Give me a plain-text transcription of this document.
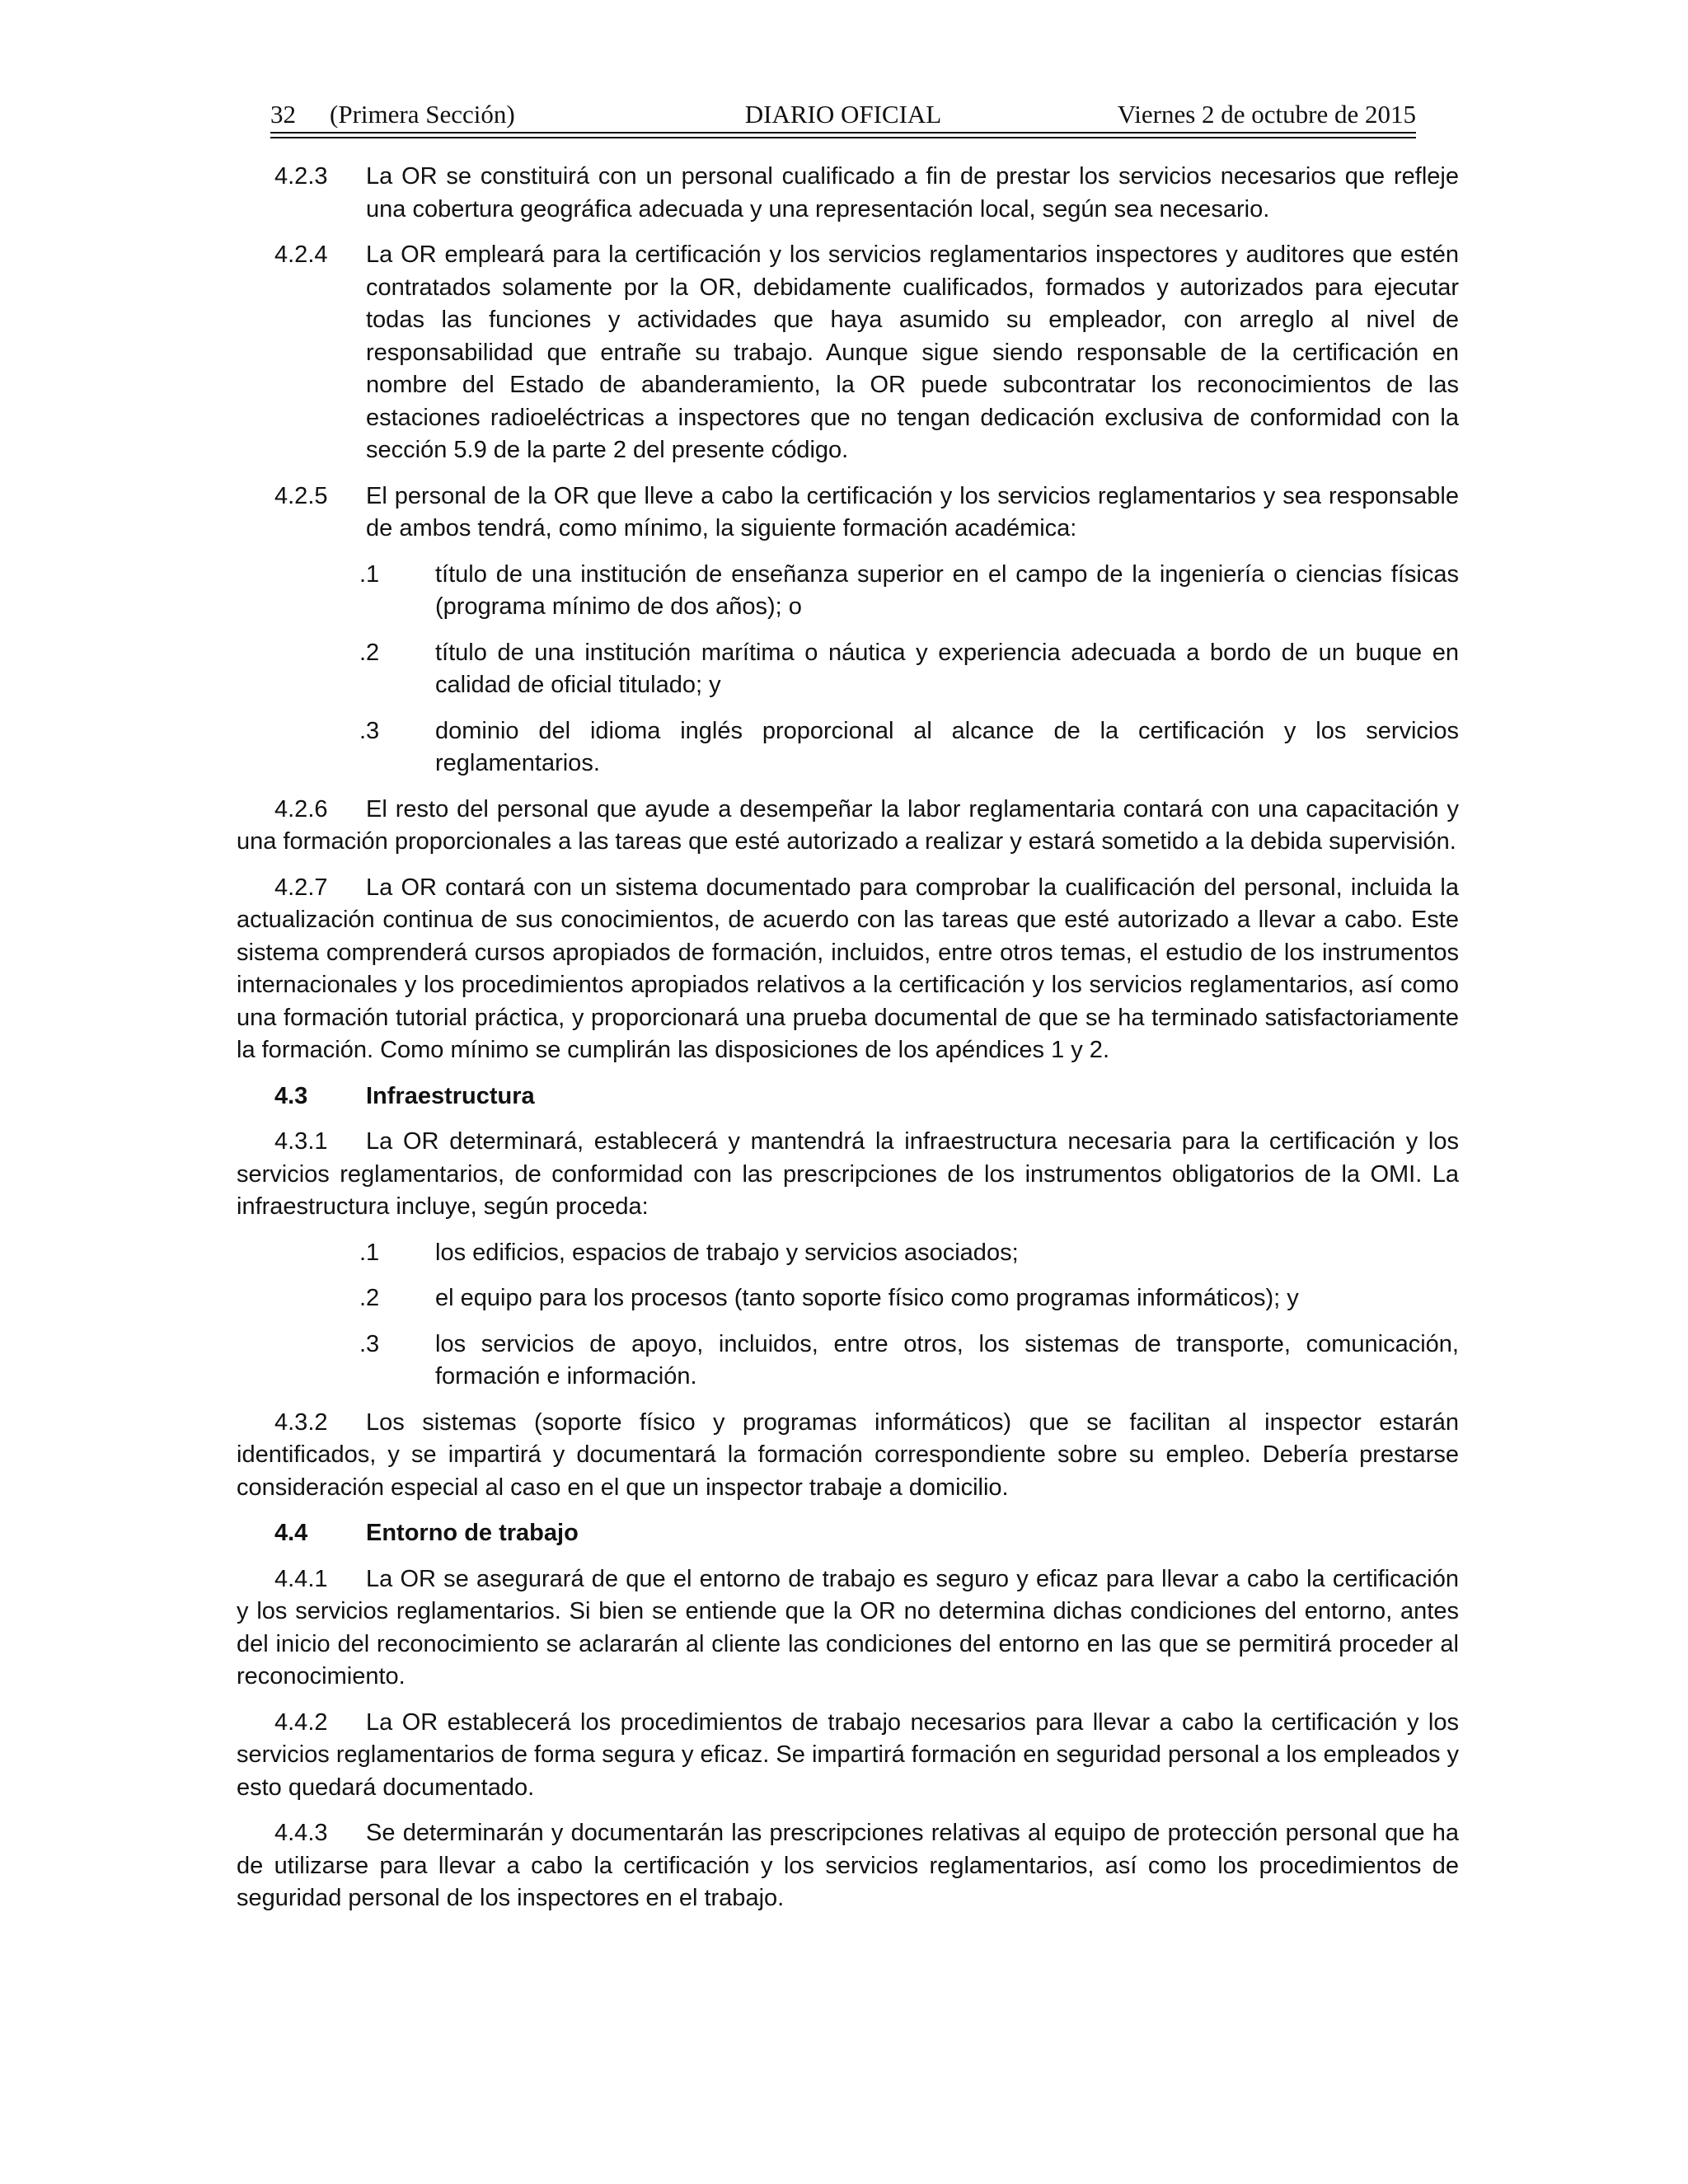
32 (Primera Sección)	DIARIO OFICIAL	Viernes 2 de octubre de 2015
4.2.3	La OR se constituirá con un personal cualificado a fin de prestar los servicios necesarios que refleje una cobertura geográfica adecuada y una representación local, según sea necesario.
4.2.4	La OR empleará para la certificación y los servicios reglamentarios inspectores y auditores que estén contratados solamente por la OR, debidamente cualificados, formados y autorizados para ejecutar todas las funciones y actividades que haya asumido su empleador, con arreglo al nivel de responsabilidad que entrañe su trabajo. Aunque sigue siendo responsable de la certificación en nombre del Estado de abanderamiento, la OR puede subcontratar los reconocimientos de las estaciones radioeléctricas a inspectores que no tengan dedicación exclusiva de conformidad con la sección 5.9 de la parte 2 del presente código.
4.2.5	El personal de la OR que lleve a cabo la certificación y los servicios reglamentarios y sea responsable de ambos tendrá, como mínimo, la siguiente formación académica:
.1	título de una institución de enseñanza superior en el campo de la ingeniería o ciencias físicas (programa mínimo de dos años); o
.2	título de una institución marítima o náutica y experiencia adecuada a bordo de un buque en calidad de oficial titulado; y
.3	dominio del idioma inglés proporcional al alcance de la certificación y los servicios reglamentarios.

4.2.6 El resto del personal que ayude a desempeñar la labor reglamentaria contará con una capacitación y una formación proporcionales a las tareas que esté autorizado a realizar y estará sometido a la debida supervisión.

4.2.7 La OR contará con un sistema documentado para comprobar la cualificación del personal, incluida la actualización continua de sus conocimientos, de acuerdo con las tareas que esté autorizado a llevar a cabo. Este sistema comprenderá cursos apropiados de formación, incluidos, entre otros temas, el estudio de los instrumentos internacionales y los procedimientos apropiados relativos a la certificación y los servicios reglamentarios, así como una formación tutorial práctica, y proporcionará una prueba documental de que se ha terminado satisfactoriamente la formación. Como mínimo se cumplirán las disposiciones de los apéndices 1 y 2.

4.3	Infraestructura

4.3.1 La OR determinará, establecerá y mantendrá la infraestructura necesaria para la certificación y los servicios reglamentarios, de conformidad con las prescripciones de los instrumentos obligatorios de la OMI. La infraestructura incluye, según proceda:

.1	los edificios, espacios de trabajo y servicios asociados;
.2	el equipo para los procesos (tanto soporte físico como programas informáticos); y
.3	los servicios de apoyo, incluidos, entre otros, los sistemas de transporte, comunicación, formación e información.

4.3.2 Los sistemas (soporte físico y programas informáticos) que se facilitan al inspector estarán identificados, y se impartirá y documentará la formación correspondiente sobre su empleo. Debería prestarse consideración especial al caso en el que un inspector trabaje a domicilio.

4.4	Entorno de trabajo

4.4.1 La OR se asegurará de que el entorno de trabajo es seguro y eficaz para llevar a cabo la certificación y los servicios reglamentarios. Si bien se entiende que la OR no determina dichas condiciones del entorno, antes del inicio del reconocimiento se aclararán al cliente las condiciones del entorno en las que se permitirá proceder al reconocimiento.

4.4.2 La OR establecerá los procedimientos de trabajo necesarios para llevar a cabo la certificación y los servicios reglamentarios de forma segura y eficaz. Se impartirá formación en seguridad personal a los empleados y esto quedará documentado.

4.4.3 Se determinarán y documentarán las prescripciones relativas al equipo de protección personal que ha de utilizarse para llevar a cabo la certificación y los servicios reglamentarios, así como los procedimientos de seguridad personal de los inspectores en el trabajo.
